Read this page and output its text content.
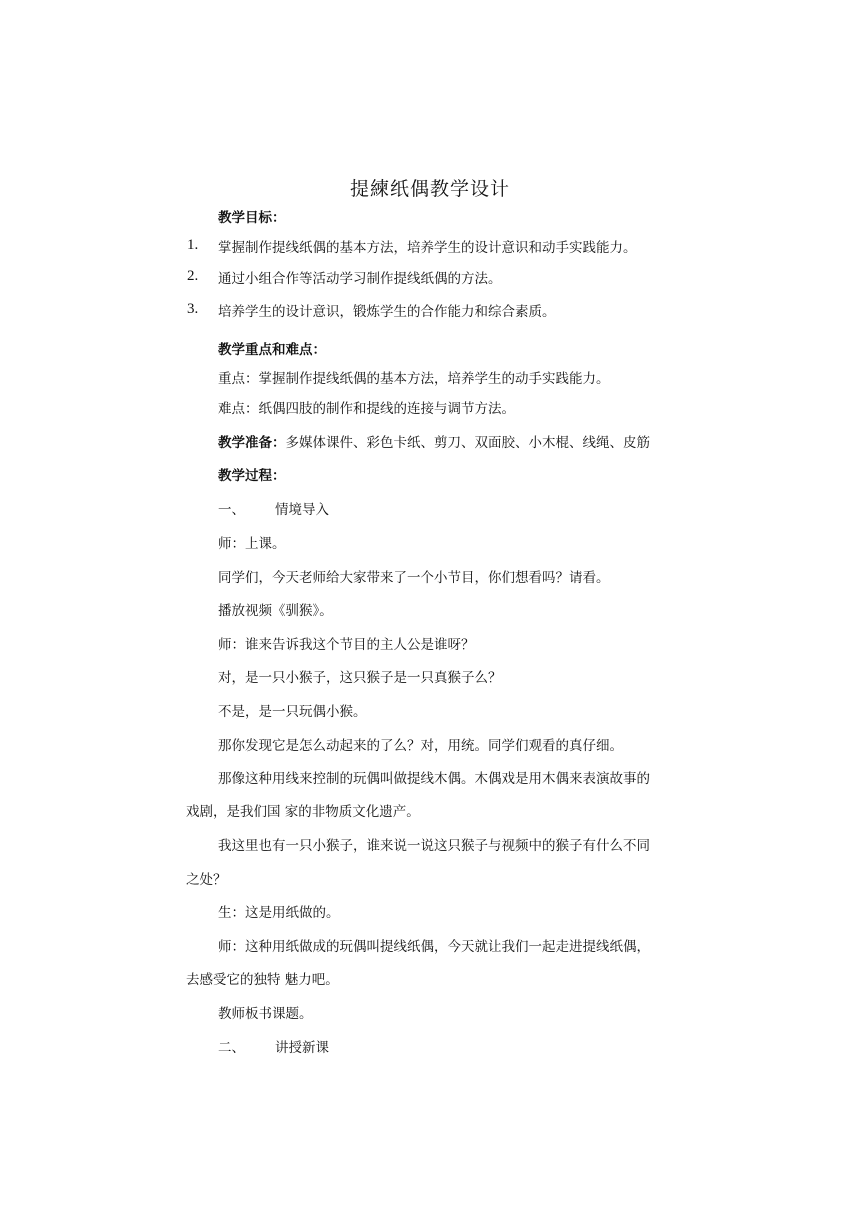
提練纸偶教学设计
教学目标：
1. 掌握制作提线纸偶的基本方法，培养学生的设计意识和动手实践能力。
2. 通过小组合作等活动学习制作提线纸偶的方法。
3. 培养学生的设计意识，锻炼学生的合作能力和综合素质。
教学重点和难点：
重点：掌握制作提线纸偶的基本方法，培养学生的动手实践能力。
难点：纸偶四肢的制作和提线的连接与调节方法。
教学准备：多媒体课件、彩色卡纸、剪刀、双面胶、小木棍、线绳、皮筋
教学过程：
一、 情境导入
师：上课。
同学们，今天老师给大家带来了一个小节目，你们想看吗？请看。
播放视频《驯猴》。
师：谁来告诉我这个节目的主人公是谁呀？
对，是一只小猴子，这只猴子是一只真猴子么？
不是，是一只玩偶小猴。
那你发现它是怎么动起来的了么？对，用统。同学们观看的真仔细。
那像这种用线来控制的玩偶叫做提线木偶。木偶戏是用木偶来表演故事的
戏剧，是我们国 家的非物质文化遗产。
我这里也有一只小猴子，谁来说一说这只猴子与视频中的猴子有什么不同
之处？
生：这是用纸做的。
师：这种用纸做成的玩偶叫提线纸偶，今天就让我们一起走进提线纸偶，
去感受它的独特 魅力吧。
教师板书课题。
二、 讲授新课
